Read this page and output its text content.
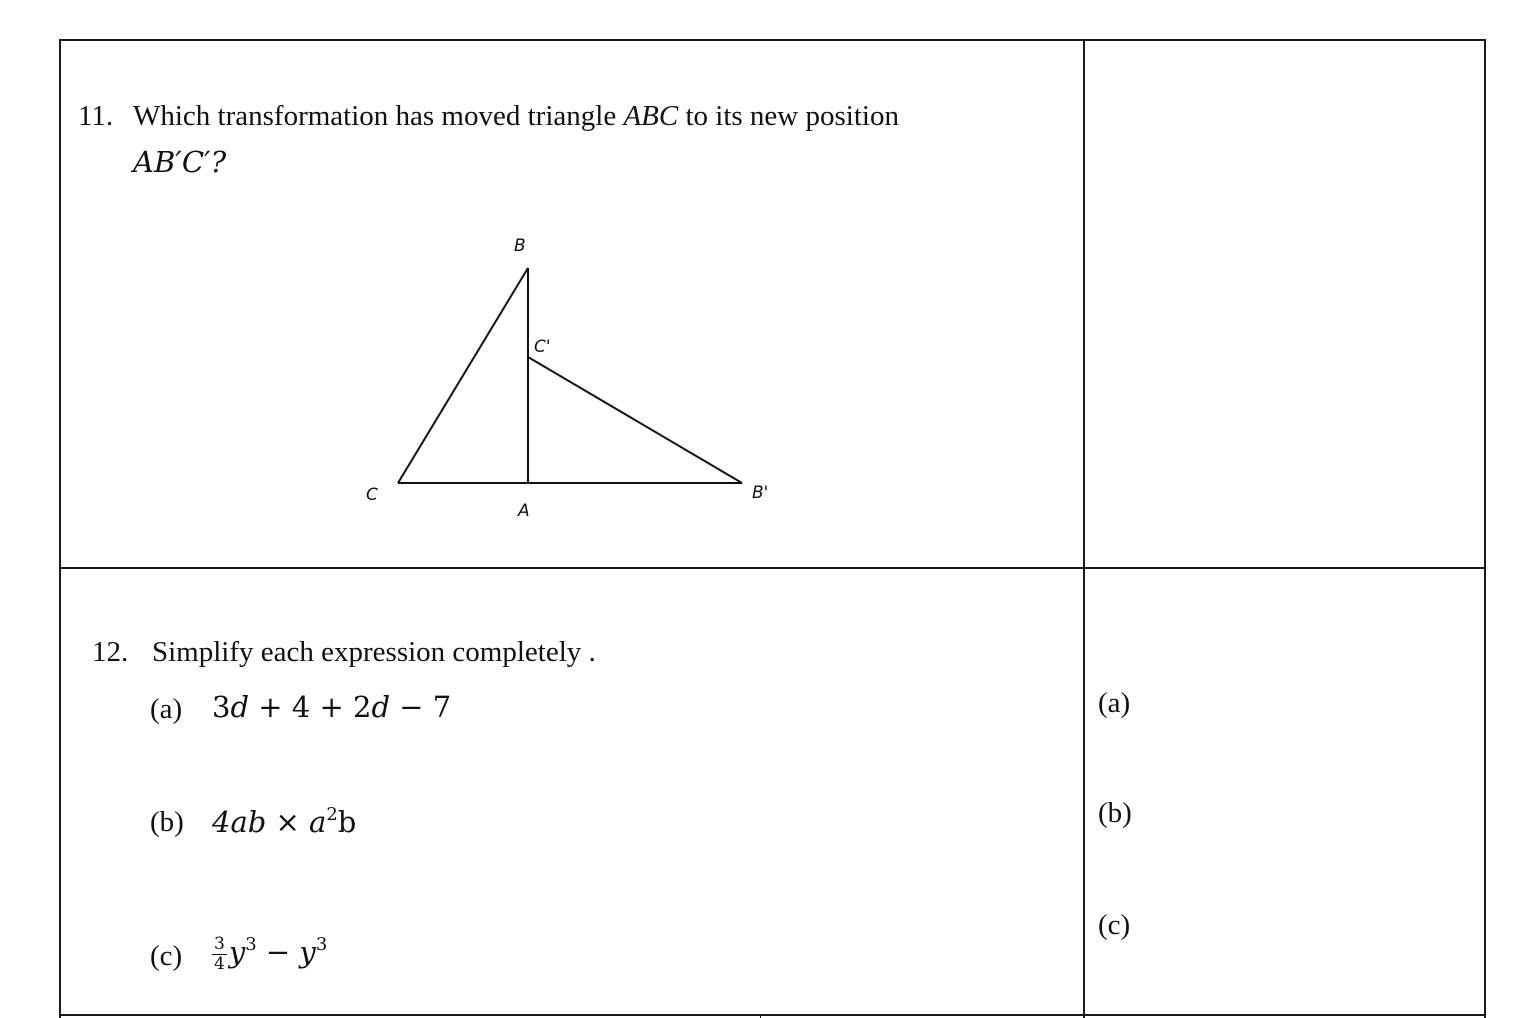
11. Which transformation has moved triangle ABC to its new position
AB′C′?
B
C'
C
A
B'
12. Simplify each expression completely .
(a) 3d + 4 + 2d − 7
(b) $4ab \times a^2b$
$(c) \frac{3}{4} y^3 - y^3$
(a)
(b)
(c)
